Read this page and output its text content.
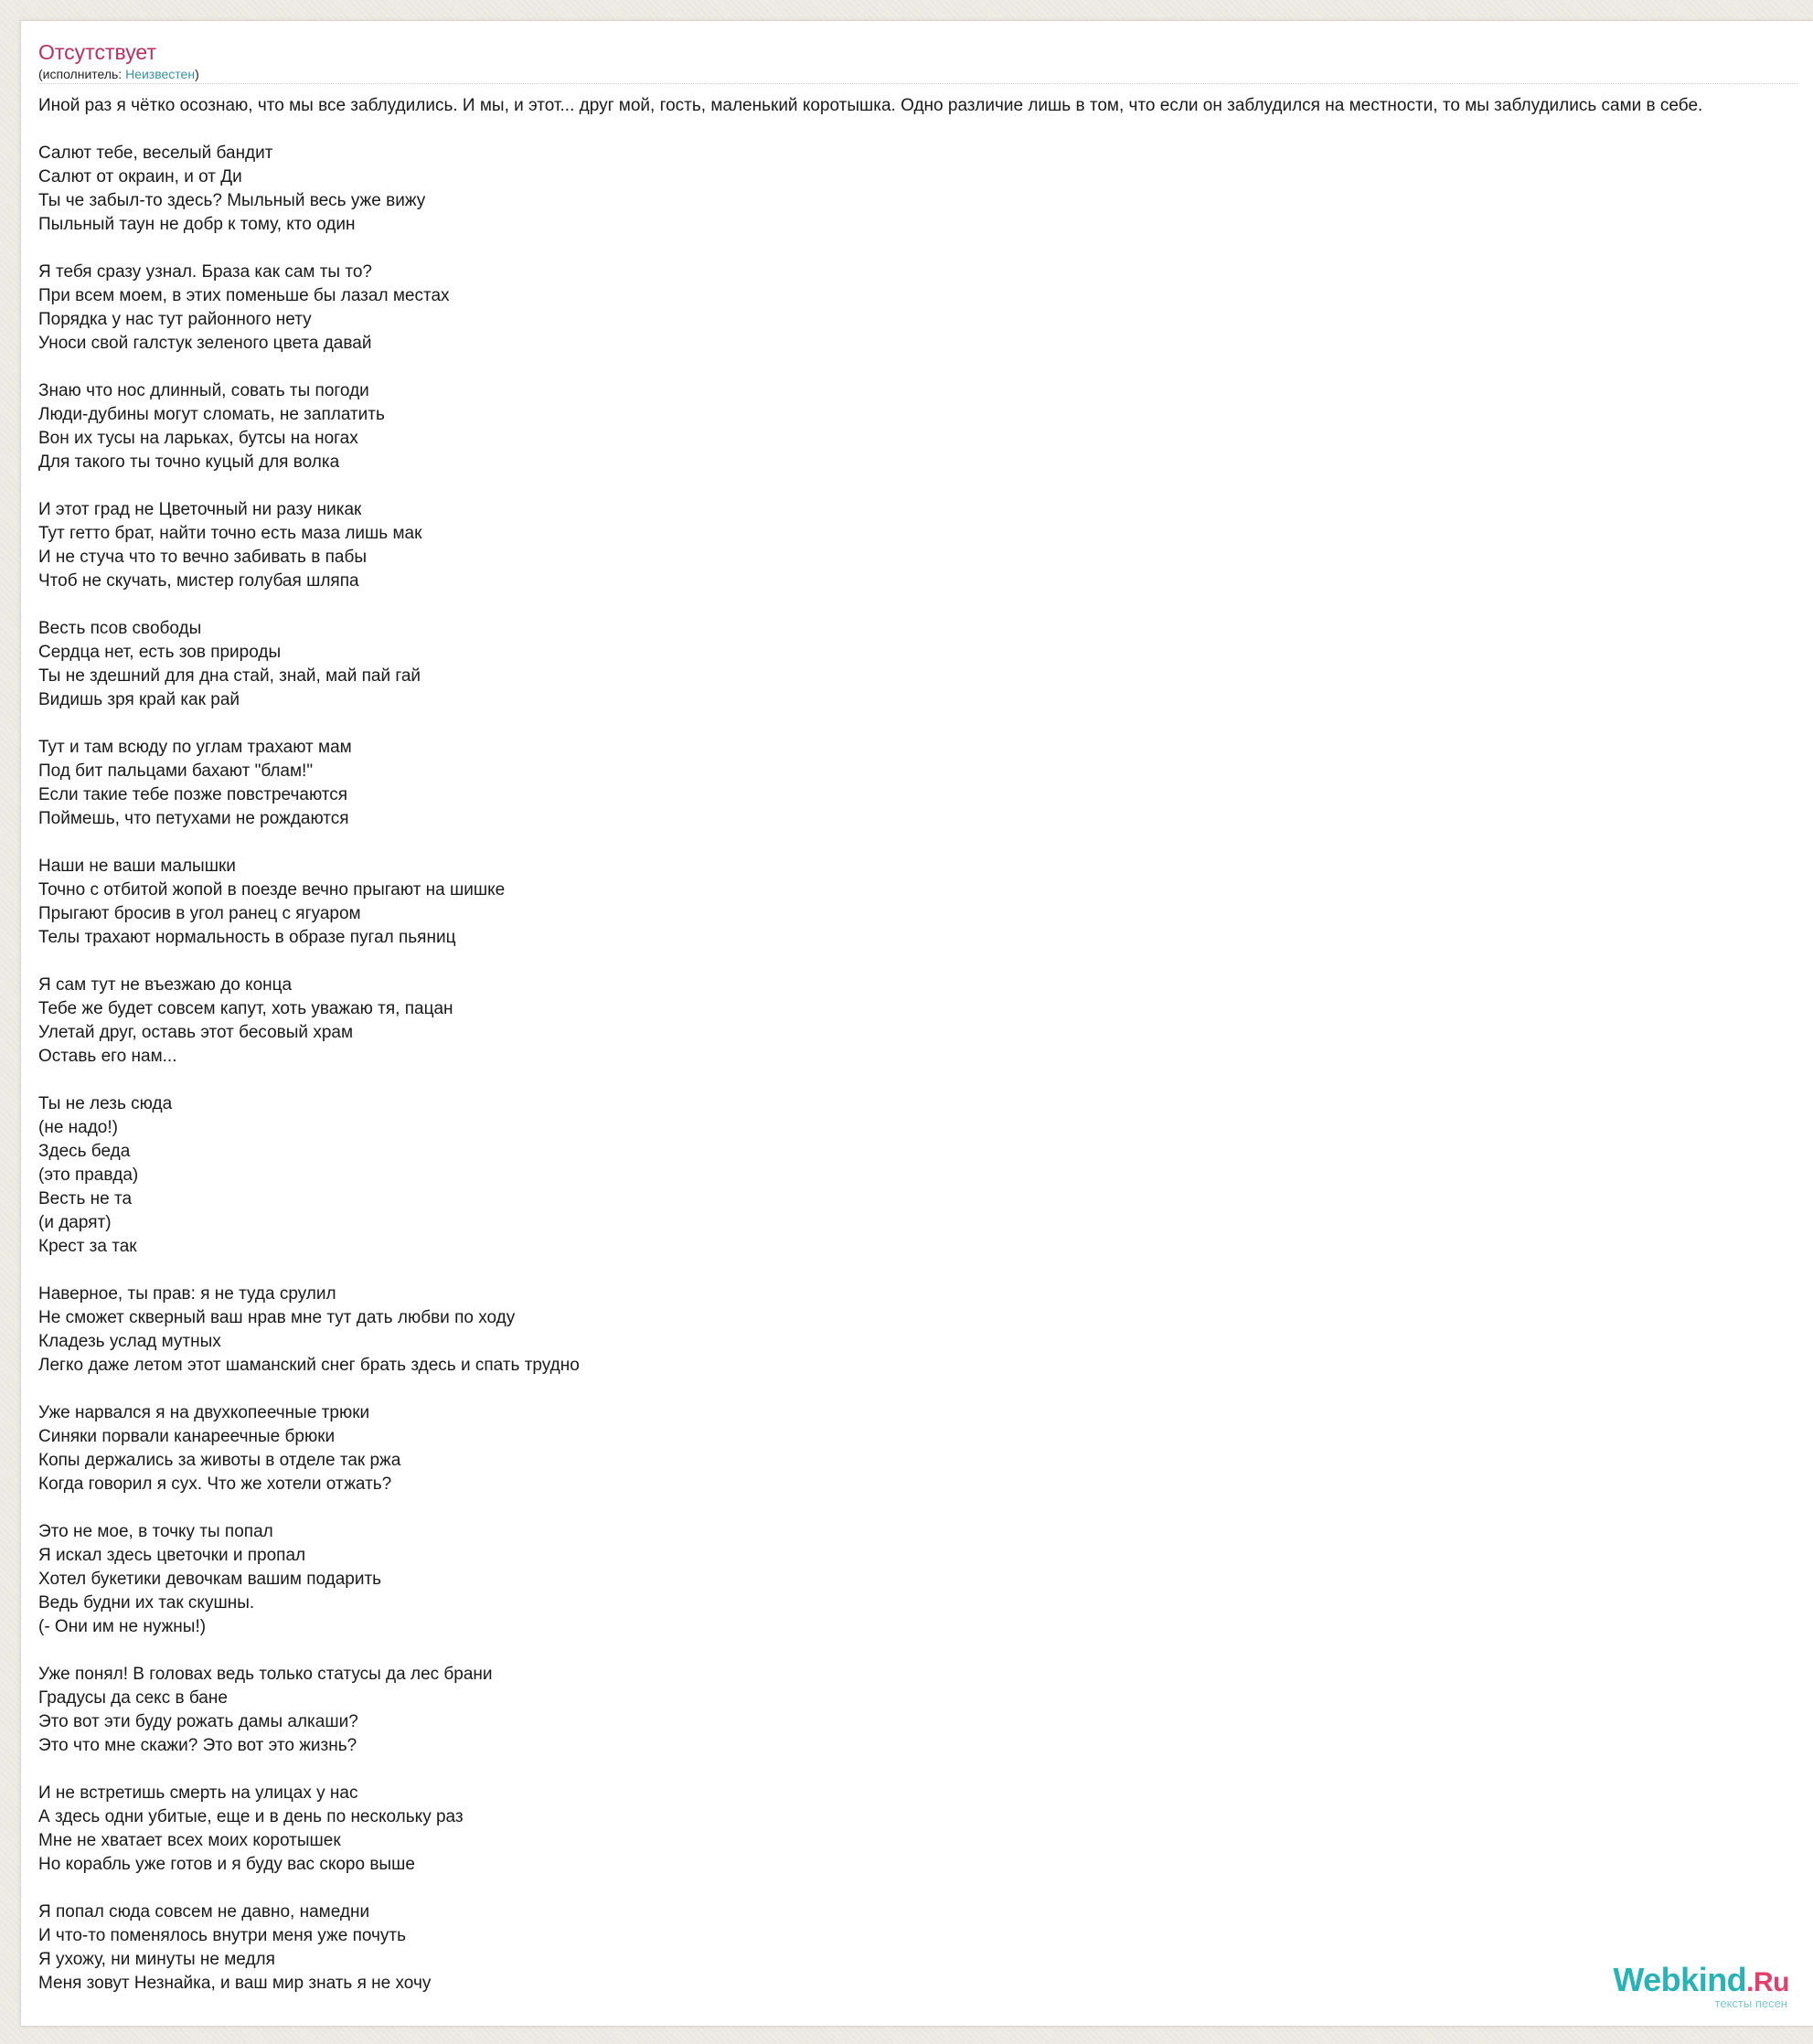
Отсутствует
(исполнитель: Неизвестен)
Иной раз я чётко осознаю, что мы все заблудились. И мы, и этот... друг мой, гость, маленький коротышка. Одно различие лишь в том, что если он заблудился на местности, то мы заблудились сами в себе.

Салют тебе, веселый бандит
Салют от окраин, и от Ди
Ты че забыл-то здесь? Мыльный весь уже вижу
Пыльный таун не добр к тому, кто один

Я тебя сразу узнал. Браза как сам ты то?
При всем моем, в этих поменьше бы лазал местах
Порядка у нас тут районного нету
Уноси свой галстук зеленого цвета давай

Знаю что нос длинный, совать ты погоди
Люди-дубины могут сломать, не заплатить
Вон их тусы на ларьках, бутсы на ногах
Для такого ты точно куцый для волка

И этот град не Цветочный ни разу никак
Тут гетто брат, найти точно есть маза лишь мак
И не стуча что то вечно забивать в пабы
Чтоб не скучать, мистер голубая шляпа

Весть псов свободы
Сердца нет, есть зов природы
Ты не здешний для дна стай, знай, май пай гай
Видишь зря край как рай

Тут и там всюду по углам трахают мам
Под бит пальцами бахают "блам!"
Если такие тебе позже повстречаются
Поймешь, что петухами не рождаются

Наши не ваши малышки
Точно с отбитой жопой в поезде вечно прыгают на шишке
Прыгают бросив в угол ранец с ягуаром
Телы трахают нормальность в образе пугал пьяниц

Я сам тут не въезжаю до конца
Тебе же будет совсем капут, хоть уважаю тя, пацан
Улетай друг, оставь этот бесовый храм
Оставь его нам...

Ты не лезь сюда
(не надо!)
Здесь беда
(это правда)
Весть не та
(и дарят)
Крест за так

Наверное, ты прав: я не туда срулил
Не сможет скверный ваш нрав мне тут дать любви по ходу
Кладезь услад мутных
Легко даже летом этот шаманский снег брать здесь и спать трудно

Уже нарвался я на двухкопеечные трюки
Синяки порвали канареечные брюки
Копы держались за животы в отделе так ржа
Когда говорил я сух. Что же хотели отжать?

Это не мое, в точку ты попал
Я искал здесь цветочки и пропал
Хотел букетики девочкам вашим подарить
Ведь будни их так скушны.
(- Они им не нужны!)

Уже понял! В головах ведь только статусы да лес брани
Градусы да секс в бане
Это вот эти буду рожать дамы алкаши?
Это что мне скажи? Это вот это жизнь?

И не встретишь смерть на улицах у нас
А здесь одни убитые, еще и в день по нескольку раз
Мне не хватает всех моих коротышек
Но корабль уже готов и я буду вас скоро выше

Я попал сюда совсем не давно, намедни
И что-то поменялось внутри меня уже почуть
Я ухожу, ни минуты не медля
Меня зовут Незнайка, и ваш мир знать я не хочу	Webkind.Ru
тексты песен
